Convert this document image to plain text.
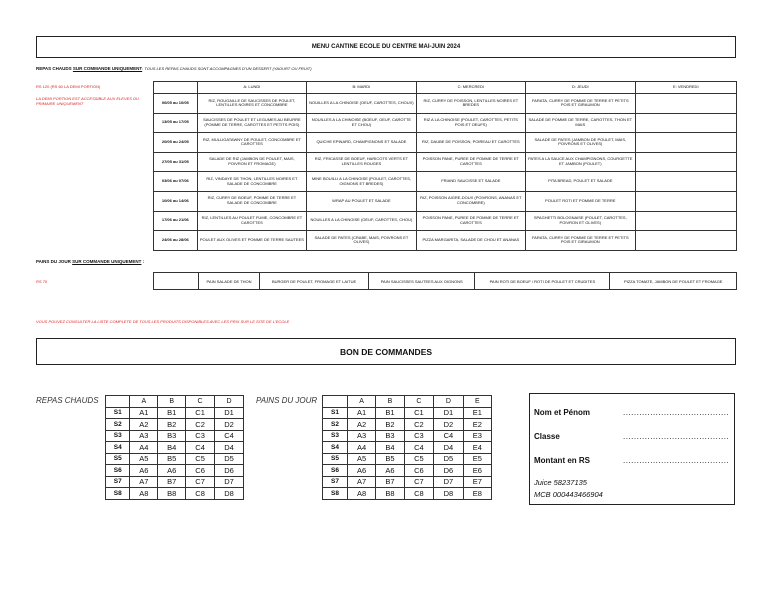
MENU CANTINE ECOLE DU CENTRE MAI-JUIN 2024
REPAS CHAUDS SUR COMMANDE UNIQUEMENT: TOUS LES REPAS CHAUDS SONT ACCOMPAGNES D'UN DESSERT (YAOURT OU FRUIT)
RS 120 (RS 60 LA DEMI PORTION)
LA DEMI PORTION EST ACCESSIBLE AUX ELEVES DU PRIMAIRE UNIQUEMENT
	A: LUNDI	B: MARDI	C: MERCREDI	D: JEUDI	E: VENDREDI
06/05 au 10/05	RIZ, ROUGAILLE DE SAUCISSES DE POULET, LENTILLES NOIRES ET CONCOMBRE	NOUILLES A LA CHINOISE (OEUF, CAROTTES, CHOUX)	RIZ, CURRY DE POISSON, LENTILLES NOIRES ET BREDES	FARATA, CURRY DE POMME DE TERRE ET PETITS POIS ET GIRAUMON	
13/05 au 17/05	SAUCISSES DE POULET ET LEGUMES AU BEURRE (POMME DE TERRE, CAROTTES ET PETITS POIS)	NOUILLES A LA CHINOISE (BOEUF, OEUF, CAROTTE ET CHOU)	RIZ A LA CHINOISE (POULET, CAROTTES, PETITS POIS ET OEUFS)	SALADE DE POMME DE TERRE, CAROTTES, THON ET MAIS	
20/05 au 24/05	RIZ, MULLIGATAWNY DE POULET, CONCOMBRE ET CAROTTES	QUICHE EPINARD, CHAMPIGNONS ET SALADE	RIZ, DAUBE DE POISSON, POIREAU ET CAROTTES	SALADE DE PATES (JAMBON DE POULET, MAIS, POIVRONS ET OLIVES)	
27/05 au 31/05	SALADE DE RIZ (JAMBON DE POULET, MAIS, POIVRON ET FROMAGE)	RIZ, FRICASSE DE BOEUF, HARICOTS VERTS ET LENTILLES ROUGES	POISSON PANE, PUREE DE POMME DE TERRE ET CAROTTES	PATES A LA SAUCE AUX CHAMPIGNONS, COURGETTE ET JAMBON (POULET)	
03/06 au 07/06	RIZ, VINDAYE DE THON, LENTILLES NOIRES ET SALADE DE CONCOMBRE	MINE BOUILLI A LA CHINOISE (POULET, CAROTTES, OIGNONS ET BREDES)	FRIAND SAUCISSE ET SALADE	PITA BREAD, POULET ET SALADE	
10/06 au 14/06	RIZ, CURRY DE BOEUF, POMME DE TERRE ET SALADE DE CONCOMBRE	WRAP AU POULET ET SALADE	RIZ, POISSON AIGRE-DOUX (POIVRONS, ANANAS ET CONCOMBRE)	POULET ROTI ET POMME DE TERRE	
17/06 au 21/06	RIZ, LENTILLES AU POULET FUME, CONCOMBRE ET CAROTTES	NOUILLES A LA CHINOISE (OEUF, CAROTTES, CHOU)	POISSON PANE, PUREE DE POMME DE TERRE ET CAROTTES	SPAGHETTI BOLOGNAISE (POULET, CAROTTES, POIVRON ET OLIVES)	
24/06 au 28/06	POULET AUX OLIVES ET POMME DE TERRE SAUTEES	SALADE DE PATES (CRABE, MAIS, POIVRONS ET OLIVES)	PIZZA MARGARITA, SALADE DE CHOU ET ANANAS	FARATA, CURRY DE POMME DE TERRE ET PETITS POIS ET GIRAUMON	
PAINS DU JOUR SUR COMMANDE UNIQUEMENT :
RS 70
		PAIN SALADE DE THON	BURGER DE POULET, FROMAGE ET LAITUE	PAIN SAUCISSES SAUTEES AUX OIGNONS	PAIN ROTI DE BOEUF / ROTI DE POULET ET CRUDITES	PIZZA TOMATE, JAMBON DE POULET ET FROMAGE
VOUS POUVEZ CONSULTER LA LISTE COMPLETE DE TOUS LES PRODUITS DISPONIBLES AVEC LES PRIX SUR LE SITE DE L'ECOLE
BON DE COMMANDES
REPAS CHAUDS
		A	B	C	D
S1	A1	B1	C1	D1
S2	A2	B2	C2	D2
S3	A3	B3	C3	C4
S4	A4	B4	C4	D4
S5	A5	B5	C5	D5
S6	A6	A6	C6	D6
S7	A7	B7	C7	D7
S8	A8	B8	C8	D8
PAINS DU JOUR
		A	B	C	D	E
S1	A1	B1	C1	D1	E1
S2	A2	B2	C2	D2	E2
S3	A3	B3	C3	C4	E3
S4	A4	B4	C4	D4	E4
S5	A5	B5	C5	D5	E5
S6	A6	A6	C6	D6	E6
S7	A7	B7	C7	D7	E7
S8	A8	B8	C8	D8	E8
Nom et Pénom	.......................................
Classe	.......................................
Montant en RS	.......................................
Juice 58237135
MCB 000443466904
